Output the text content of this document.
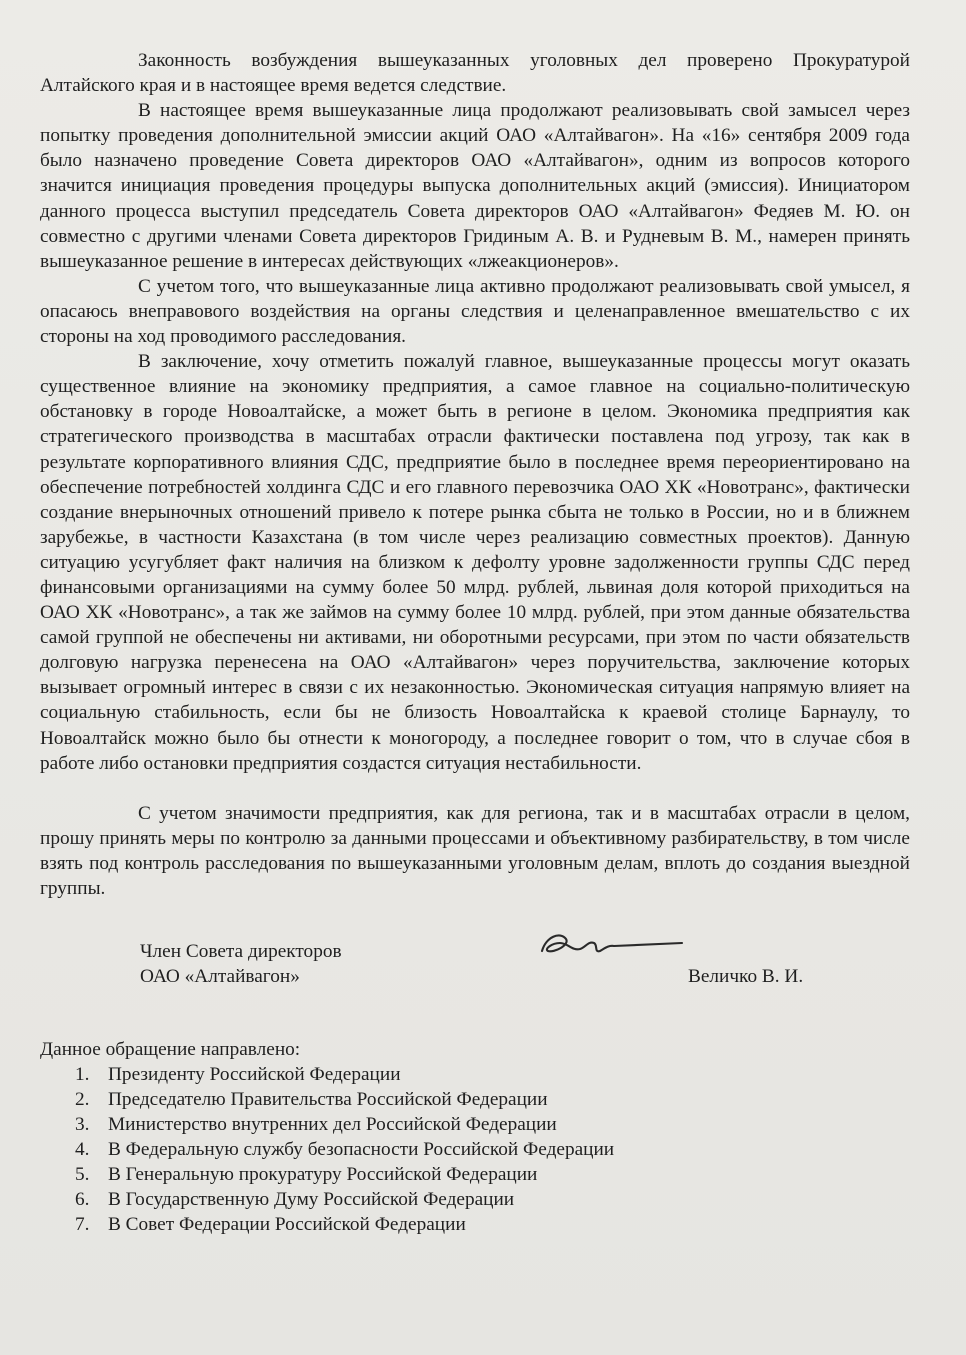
Законность возбуждения вышеуказанных уголовных дел проверено Прокуратурой Алтайского края и в настоящее время ведется следствие.

В настоящее время вышеуказанные лица продолжают реализовывать свой замысел через попытку проведения дополнительной эмиссии акций ОАО «Алтайвагон». На «16» сентября 2009 года было назначено проведение Совета директоров ОАО «Алтайвагон», одним из вопросов которого значится инициация проведения процедуры выпуска дополнительных акций (эмиссия). Инициатором данного процесса выступил председатель Совета директоров ОАО «Алтайвагон» Федяев М. Ю. он совместно с другими членами Совета директоров Гридиным А. В. и Рудневым В. М., намерен принять вышеуказанное решение в интересах действующих «лжеакционеров».

С учетом того, что вышеуказанные лица активно продолжают реализовывать свой умысел, я опасаюсь внеправового воздействия на органы следствия и целенаправленное вмешательство с их стороны на ход проводимого расследования.

В заключение, хочу отметить пожалуй главное, вышеуказанные процессы могут оказать существенное влияние на экономику предприятия, а самое главное на социально-политическую обстановку в городе Новоалтайске, а может быть в регионе в целом. Экономика предприятия как стратегического производства в масштабах отрасли фактически поставлена под угрозу, так как в результате корпоративного влияния СДС, предприятие было в последнее время переориентировано на обеспечение потребностей холдинга СДС и его главного перевозчика ОАО ХК «Новотранс», фактически создание внерыночных отношений привело к потере рынка сбыта не только в России, но и в ближнем зарубежье, в частности Казахстана (в том числе через реализацию совместных проектов). Данную ситуацию усугубляет факт наличия на близком к дефолту уровне задолженности группы СДС перед финансовыми организациями на сумму более 50 млрд. рублей, львиная доля которой приходиться на ОАО ХК «Новотранс», а так же займов на сумму более 10 млрд. рублей, при этом данные обязательства самой группой не обеспечены ни активами, ни оборотными ресурсами, при этом по части обязательств долговую нагрузка перенесена на ОАО «Алтайвагон» через поручительства, заключение которых вызывает огромный интерес в связи с их незаконностью. Экономическая ситуация напрямую влияет на социальную стабильность, если бы не близость Новоалтайска к краевой столице Барнаулу, то Новоалтайск можно было бы отнести к моногороду, а последнее говорит о том, что в случае сбоя в работе либо остановки предприятия создастся ситуация нестабильности.

С учетом значимости предприятия, как для региона, так и в масштабах отрасли в целом, прошу принять меры по контролю за данными процессами и объективному разбирательству, в том числе взять под контроль расследования по вышеуказанными уголовным делам, вплоть до создания выездной группы.

Член Совета директоров
ОАО «Алтайвагон»	Величко В. И.
Данное обращение направлено:
1. Президенту Российской Федерации
2. Председателю Правительства Российской Федерации
3. Министерство внутренних дел Российской Федерации
4. В Федеральную службу безопасности Российской Федерации
5. В Генеральную прокуратуру Российской Федерации
6. В Государственную Думу Российской Федерации
7. В Совет Федерации Российской Федерации
